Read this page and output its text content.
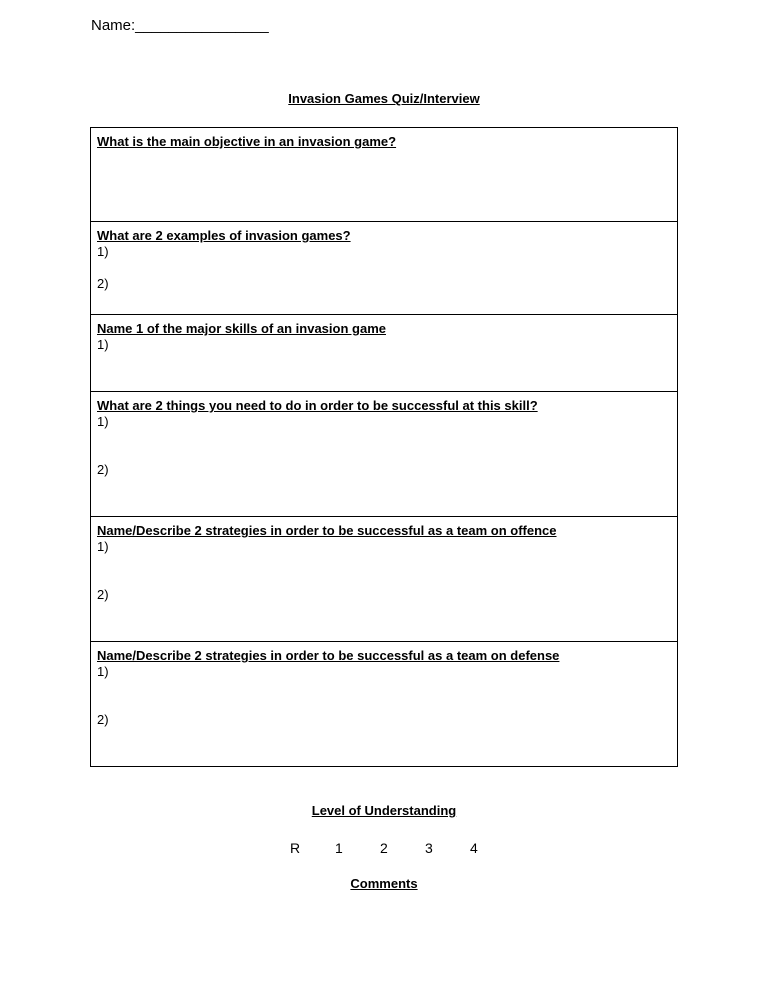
Name:________________
Invasion Games Quiz/Interview
What is the main objective in an invasion game?
What are 2 examples of invasion games?
1)
2)
Name 1 of the major skills of an invasion game
1)
What are 2 things you need to do in order to be successful at this skill?
1)
2)
Name/Describe 2 strategies in order to be successful as a team on offence
1)
2)
Name/Describe 2 strategies in order to be successful as a team on defense
1)
2)
Level of Understanding
R 1	2	3	4
Comments
